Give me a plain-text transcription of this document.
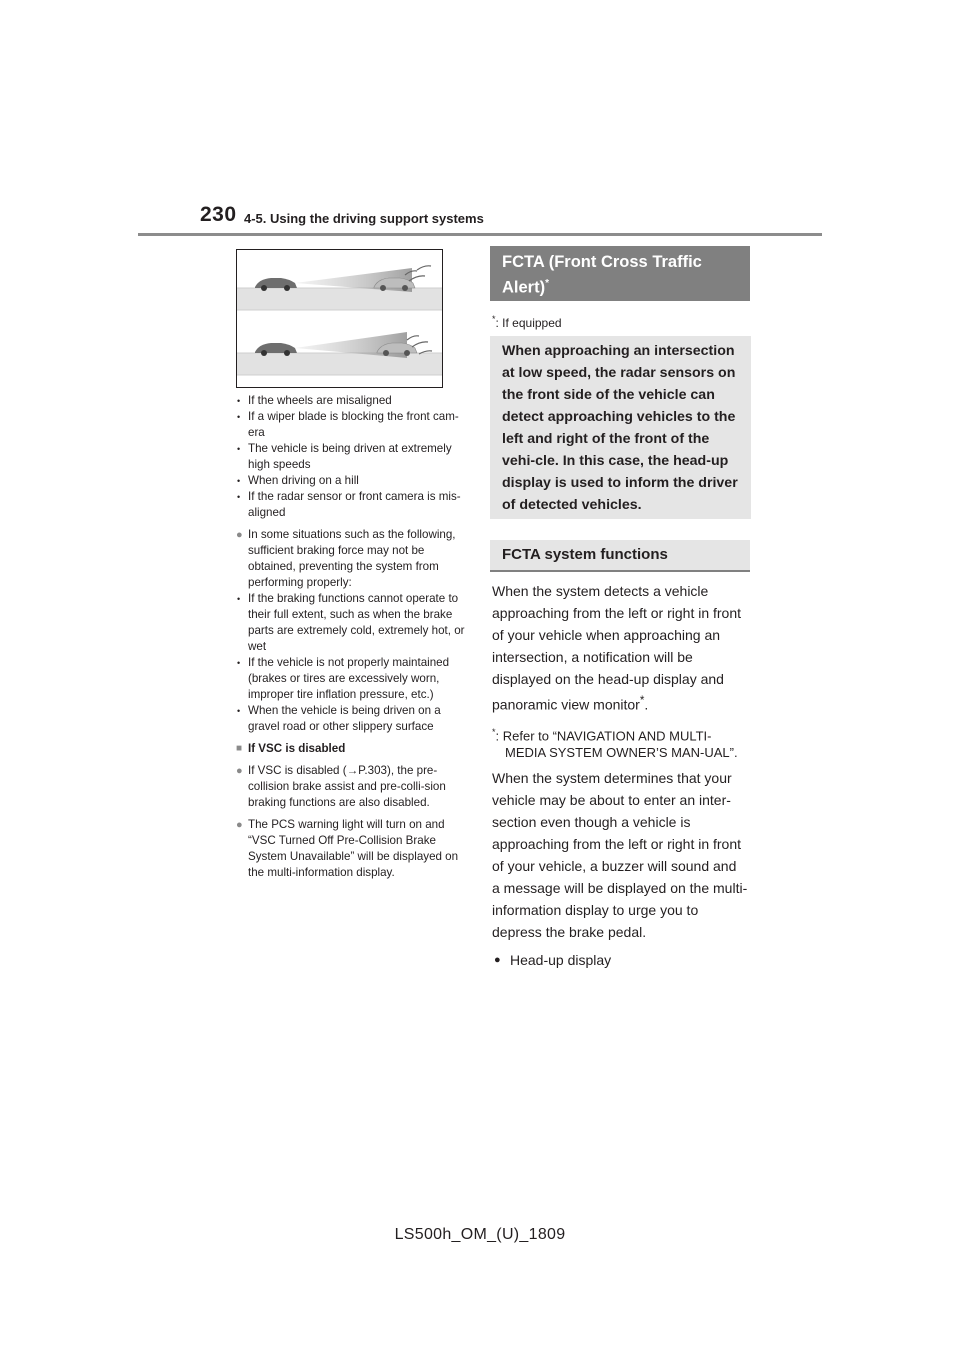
230 4-5. Using the driving support systems

• If the wheels are misaligned

• If a wiper blade is blocking the front cam-era

• The vehicle is being driven at extremely high speeds

• When driving on a hill

• If the radar sensor or front camera is mis-aligned

● In some situations such as the following, sufficient braking force may not be obtained, preventing the system from performing properly:

• If the braking functions cannot operate to their full extent, such as when the brake parts are extremely cold, extremely hot, or wet

• If the vehicle is not properly maintained (brakes or tires are excessively worn, improper tire inflation pressure, etc.)

• When the vehicle is being driven on a gravel road or other slippery surface

■ If VSC is disabled

● If VSC is disabled (→P.303), the pre-collision brake assist and pre-colli-sion braking functions are also disabled.

● The PCS warning light will turn on and “VSC Turned Off Pre-Collision Brake System Unavailable” will be displayed on the multi-information display.

FCTA (Front Cross Traffic Alert)*
*: If equipped
When approaching an intersection at low speed, the radar sensors on the front side of the vehicle can detect approaching vehicles to the left and right of the front of the vehi-cle. In this case, the head-up display is used to inform the driver of detected vehicles.
FCTA system functions

When the system detects a vehicle approaching from the left or right in front of your vehicle when approaching an intersection, a notification will be displayed on the head-up display and panoramic view monitor*.

*: Refer to “NAVIGATION AND MULTI-MEDIA SYSTEM OWNER’S MAN-UAL”.

When the system determines that your vehicle may be about to enter an inter-section even though a vehicle is approaching from the left or right in front of your vehicle, a buzzer will sound and a message will be displayed on the multi-information display to urge you to depress the brake pedal.

● Head-up display

LS500h_OM_(U)_1809
